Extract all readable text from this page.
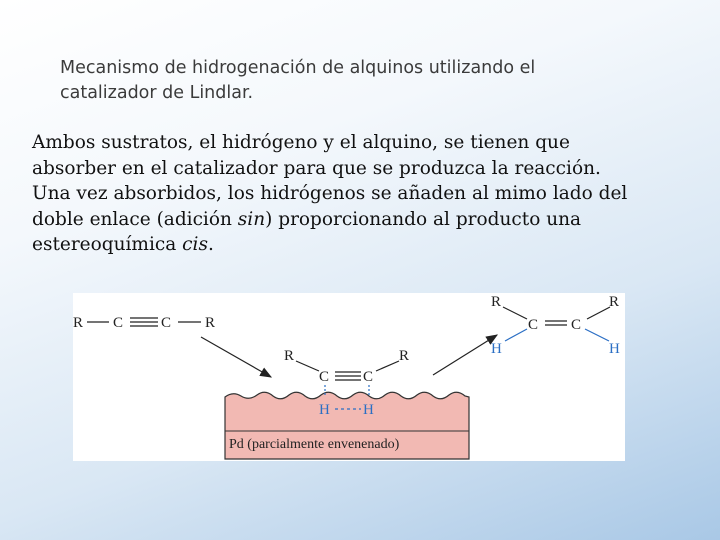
Mecanismo de hidrogenación de alquinos utilizando el
catalizador de Lindlar.
Ambos sustratos, el hidrógeno y el alquino, se tienen que
absorber en el catalizador para que se produzca la reacción.
Una vez absorbidos, los hidrógenos se añaden al mimo lado del
doble enlace (adición sin) proporcionando al producto una
estereoquímica cis.
R C	C R
Pd (parcialmente envenenado)
R	R
C C
H H
R	R
C C
H	H
